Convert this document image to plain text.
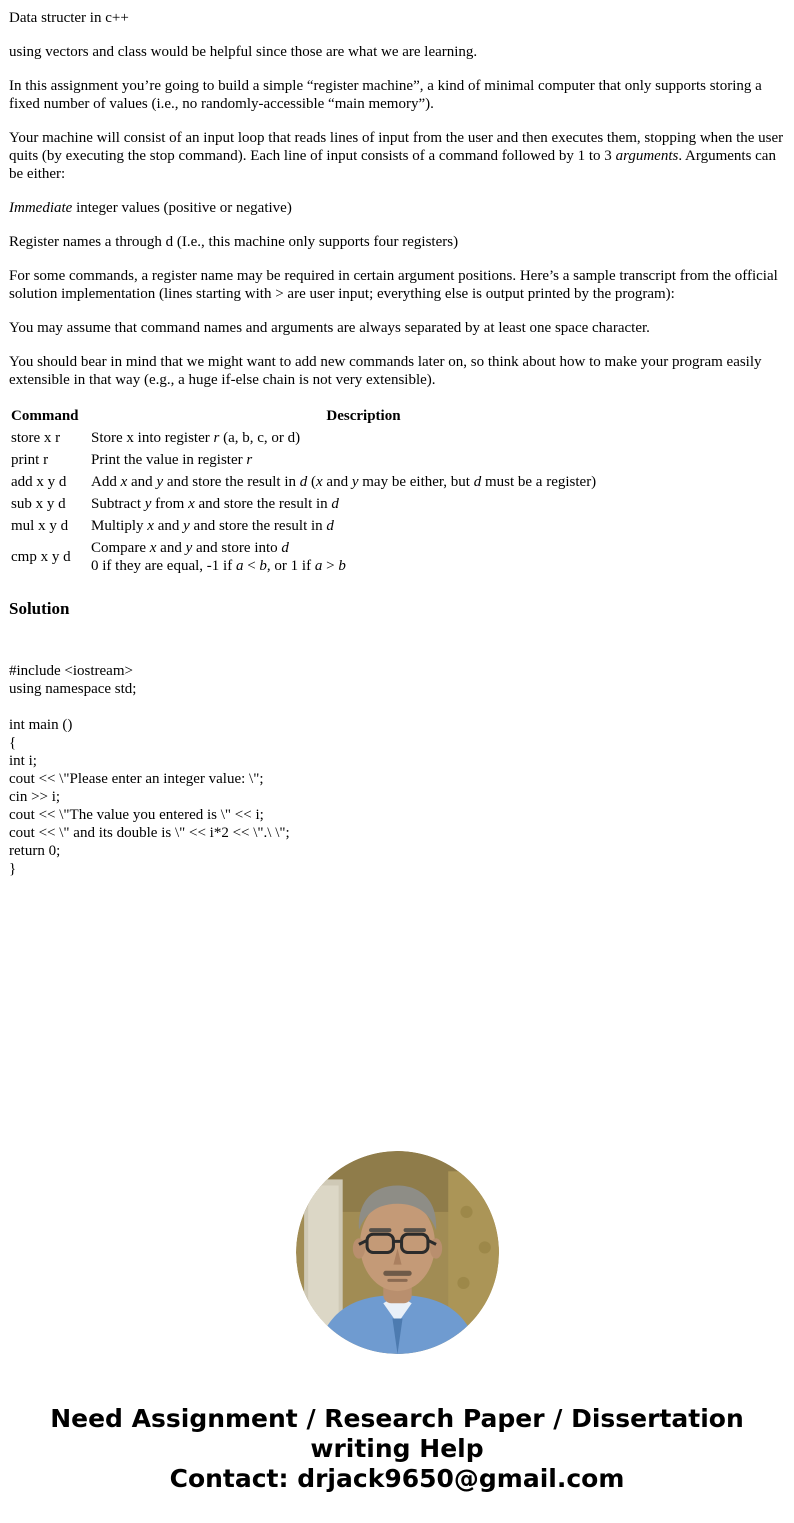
Data structer in c++

using vectors and class would be helpful since those are what we are learning.

In this assignment you’re going to build a simple “register machine”, a kind of minimal computer that only supports storing a fixed number of values (i.e., no randomly-accessible “main memory”).

Your machine will consist of an input loop that reads lines of input from the user and then executes them, stopping when the user quits (by executing the stop command). Each line of input consists of a command followed by 1 to 3 arguments. Arguments can be either:

Immediate integer values (positive or negative)

Register names a through d (I.e., this machine only supports four registers)

For some commands, a register name may be required in certain argument positions. Here’s a sample transcript from the official solution implementation (lines starting with > are user input; everything else is output printed by the program):

You may assume that command names and arguments are always separated by at least one space character.

You should bear in mind that we might want to add new commands later on, so think about how to make your program easily extensible in that way (e.g., a huge if-else chain is not very extensible).

Command	Description
store x r	Store x into register r (a, b, c, or d)
print r	Print the value in register r
add x y d	Add x and y and store the result in d (x and y may be either, but d must be a register)
sub x y d	Subtract y from x and store the result in d
mul x y d	Multiply x and y and store the result in d
cmp x y d	Compare x and y and store into d
0 if they are equal, -1 if a < b, or 1 if a > b
Solution
#include <iostream>
using namespace std;
int main ()
{
int i;
cout << \"Please enter an integer value: \";
cin >> i;
cout << \"The value you entered is \" << i;
cout << \" and its double is \" << i*2 << \".\ \";
return 0;
}
Need Assignment / Research Paper / Dissertation writing Help
Contact: drjack9650@gmail.com
